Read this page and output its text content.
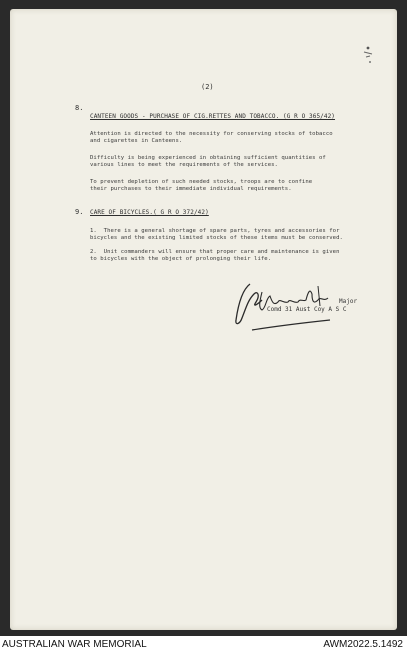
(2)
8.
CANTEEN GOODS - PURCHASE OF CIG.RETTES AND TOBACCO. (G R O 365/42)
Attention is directed to the necessity for conserving stocks of tobacco
and cigarettes in Canteens.
Difficulty is being experienced in obtaining sufficient quantities of
various lines to meet the requirements of the services.
To prevent depletion of such needed stocks, troops are to confine
their purchases to their immediate individual requirements.
9. CARE OF BICYCLES.( G R O 372/42)
1.  There is a general shortage of spare parts, tyres and accessories for
bicycles and the existing limited stocks of these items must be conserved.
2.  Unit commanders will ensure that proper care and maintenance is given
to bicycles with the object of prolonging their life.
Major
Comd 31 Aust Coy A S C
AUSTRALIAN WAR MEMORIAL	AWM2022.5.1492
